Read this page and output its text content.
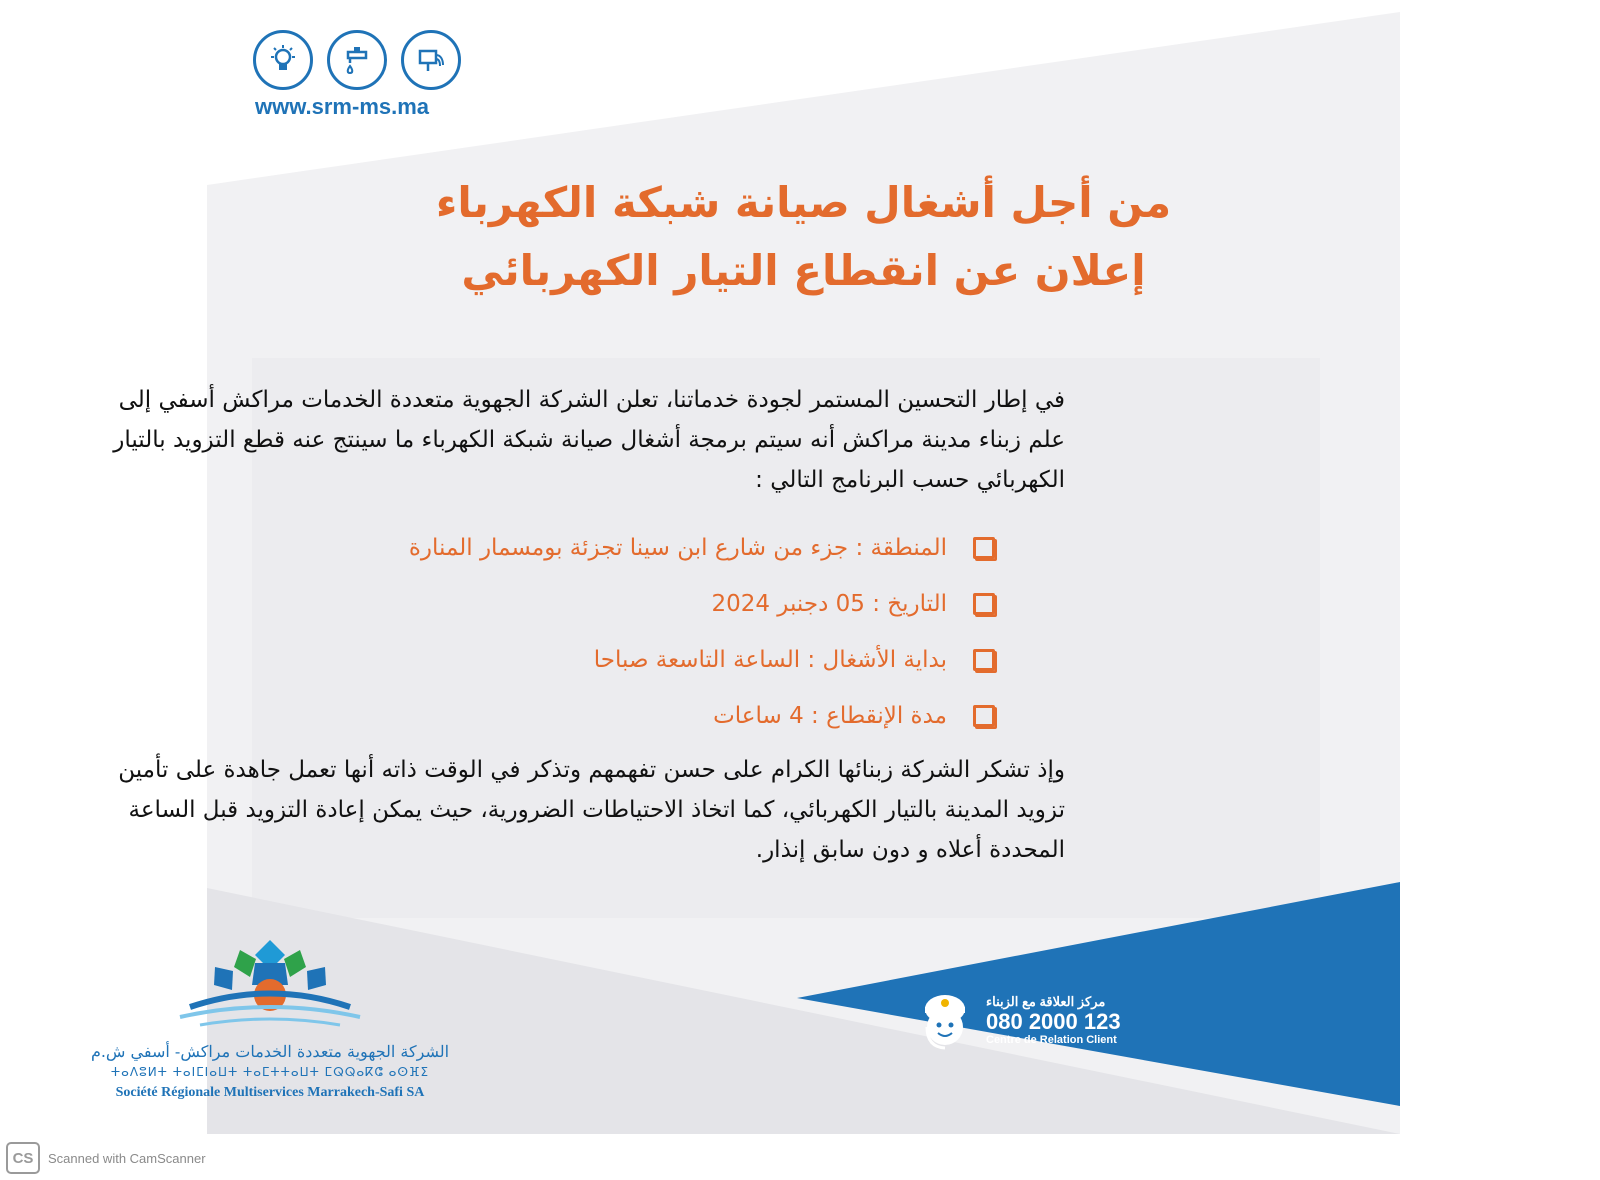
www.srm-ms.ma
من أجل أشغال صيانة شبكة الكهرباء
إعلان عن انقطاع التيار الكهربائي
في إطار التحسين المستمر لجودة خدماتنا، تعلن الشركة الجهوية متعددة الخدمات مراكش أسفي إلى علم زبناء مدينة مراكش أنه سيتم برمجة أشغال صيانة شبكة الكهرباء ما سينتج عنه قطع التزويد بالتيار الكهربائي حسب البرنامج التالي :
المنطقة : جزء من شارع ابن سينا تجزئة بومسمار المنارة
التاريخ : 05 دجنبر 2024
بداية الأشغال : الساعة التاسعة صباحا
مدة الإنقطاع : 4 ساعات
وإذ تشكر الشركة زبنائها الكرام على حسن تفهمهم وتذكر في الوقت ذاته أنها تعمل جاهدة على تأمين تزويد المدينة بالتيار الكهربائي، كما اتخاذ الاحتياطات الضرورية، حيث يمكن إعادة التزويد قبل الساعة المحددة أعلاه و دون سابق إنذار.
الشركة الجهوية متعددة الخدمات مراكش- أسفي ش.م
ⵜⴰⴷⵓⵍⵜ ⵜⴰⵏⵎⵏⴰⵡⵜ ⵜⴰⵎⵜⵜⴰⵡⵜ ⵎⵕⵕⴰⴽⵛ ⴰⵙⴼⵉ
Société Régionale Multiservices Marrakech-Safi SA
مركز العلاقة مع الزبناء
080 2000 123
Centre de Relation Client
CS	Scanned with CamScanner
